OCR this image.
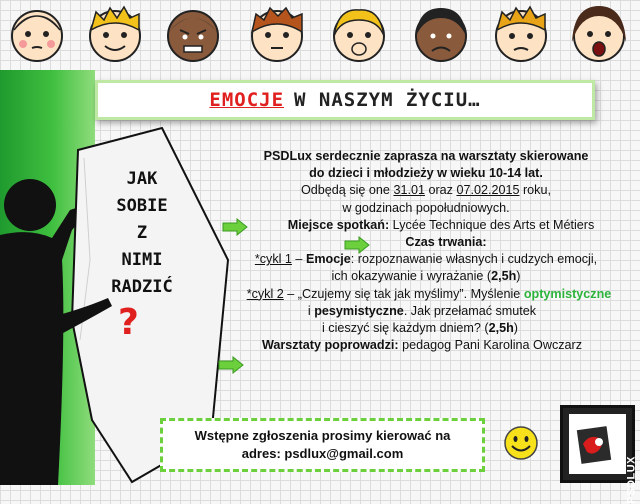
EMOCJE W NASZYM ŻYCIU…
JAK
SOBIE
Z
NIMI
RADZIĆ
?
PSDLux serdecznie zaprasza na warsztaty skierowane
do dzieci i młodzieży w wieku 10-14 lat.
Odbędą się one 31.01 oraz 07.02.2015 roku,
w godzinach popołudniowych.
Miejsce spotkań: Lycée Technique des Arts et Métiers
Czas trwania:
*cykl 1 – Emocje: rozpoznawanie własnych i cudzych emocji,
ich okazywanie i wyrażanie (2,5h)
*cykl 2 – „Czujemy się tak jak myślimy”. Myślenie optymistyczne
i pesymistyczne. Jak przełamać smutek
i cieszyć się każdym dniem? (2,5h)
Warsztaty poprowadzi: pedagog Pani Karolina Owczarz
Wstępne zgłoszenia prosimy kierować na
adres: psdlux@gmail.com
PSDLUX
